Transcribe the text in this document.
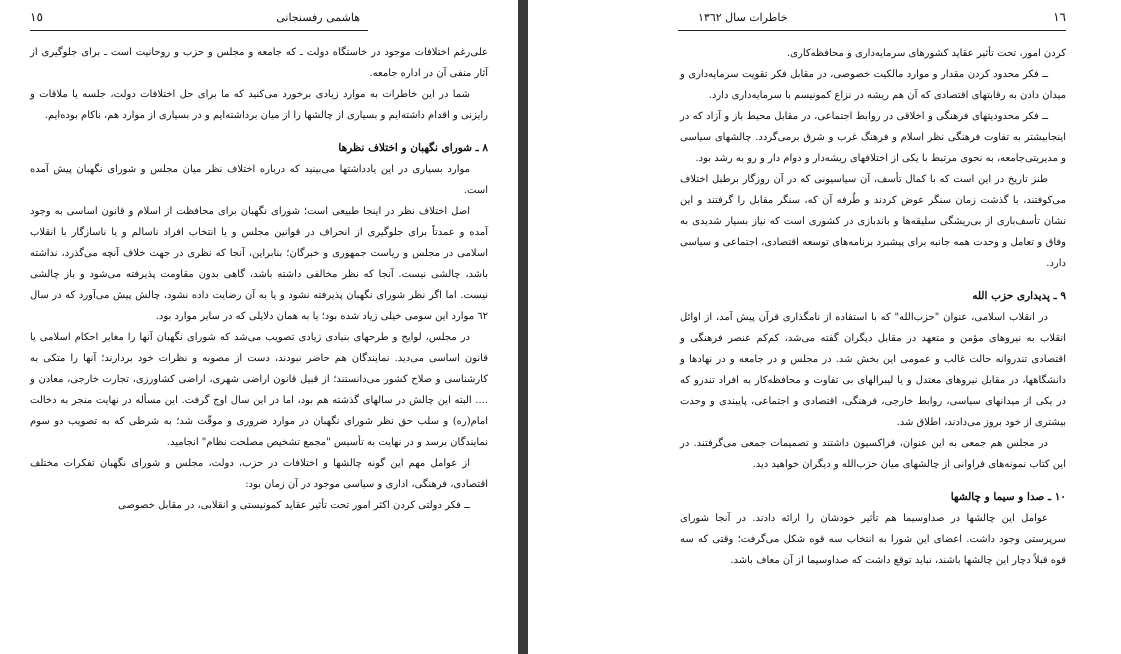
هاشمی رفسنجانی
١٥

علی‌رغم اختلافات موجود در خاستگاه دولت ـ که جامعه و مجلس و حزب و روحانیت است ـ برای جلوگیری از آثار منفی آن در اداره جامعه.

شما در این خاطرات به موارد زیادی برخورد می‌کنید که ما برای حل اختلافات دولت، جلسه یا ملاقات و رایزنی و اقدام داشته‌ایم و بسیاری از چالشها را از میان برداشته‌ایم و در بسیاری از موارد هم، ناکام بوده‌ایم.

۸ ـ شورای نگهبان و اختلاف نظرها

موارد بسیاری در این یادداشتها می‌بینید که درباره اختلاف نظر میان مجلس و شورای نگهبان پیش آمده است.

اصل اختلاف نظر در اینجا طبیعی است؛ شورای نگهبان برای محافظت از اسلام و قانون اساسی به وجود آمده و عمدتاً برای جلوگیری از انحراف در قوانین مجلس و یا انتخاب افراد ناسالم و یا ناسازگار با انقلاب اسلامی در مجلس و ریاست جمهوری و خبرگان؛ بنابراین، آنجا که نظری در جهت خلاف آنچه می‌گذرد، نداشته باشد، چالشی نیست. آنجا که نظر مخالفی داشته باشد، گاهی بدون مقاومت پذیرفته می‌شود و باز چالشی نیست. اما اگر نظر شورای نگهبان پذیرفته نشود و یا به آن رضایت داده نشود، چالش پیش می‌آورد که در سال ٦٢ موارد این سومی خیلی زیاد شده بود؛ یا به همان دلایلی که در سایر موارد بود.

در مجلس، لوایح و طرحهای بنیادی زیادی تصویب می‌شد که شورای نگهبان آنها را مغایر احکام اسلامی یا قانون اساسی می‌دید. نمایندگان هم حاضر نبودند، دست از مصوبه و نظرات خود بردارند؛ آنها را متکی به کارشناسی و صلاح کشور می‌دانستند؛ از قبیل قانون اراضی شهری، اراضی کشاورزی، تجارت خارجی، معادن و .... البته این چالش در سالهای گذشته هم بود، اما در این سال اوج گرفت. این مسأله در نهایت منجر به دخالت امام(ره) و سلب حق نظر شورای نگهبان در موارد ضروری و موقّت شد؛ به شرطی که به تصویب دو سوم نمایندگان برسد و در نهایت به تأسیس "مجمع تشخیص مصلحت نظام" انجامید.

از عوامل مهم این گونه چالشها و اختلافات در حزب، دولت، مجلس و شورای نگهبان تفکرات مختلف اقتصادی، فرهنگی، اداری و سیاسی موجود در آن زمان بود:

ــ فکر دولتی کردن اکثر امور تحت تأثیر عقاید کمونیستی و انقلابی، در مقابل خصوصی

خاطرات سال ١٣٦٢	١٦

کردن امور، تحت تأثیر عقاید کشورهای سرمایه‌داری و محافظه‌کاری.

ــ فکر محدود کردن مقدار و موارد مالکیت خصوصی، در مقابل فکر تقویت سرمایه‌داری و میدان دادن به رقابتهای اقتصادی که آن هم ریشه در نزاع کمونیسم با سرمایه‌داری دارد.

ــ فکر محدودیتهای فرهنگی و اخلاقی در روابط اجتماعی، در مقابل محیط باز و آزاد که در اینجابیشتر به تفاوت فرهنگی نظر اسلام و فرهنگ غرب و شرق برمی‌گردد. چالشهای سیاسی و مدیریتی‌جامعه، به نحوی مرتبط با یکی از اختلافهای ریشه‌دار و دوام دار و رو به رشد بود.

طنز تاریخ در این است که با کمال تأسف، آن سیاسیونی که در آن روزگار برطبل اختلاف می‌کوفتند، با گذشت زمان سنگر عوض کردند و طُرفه آن که، سنگر مقابل را گرفتند و این نشان تأسف‌باری از بی‌ریشگی سلیقه‌ها و باندبازی در کشوری است که نیاز بسیار شدیدی به وفاق و تعامل و وحدت همه جانبه برای پیشبرد برنامه‌های توسعه اقتصادی، اجتماعی و سیاسی دارد.

۹ ـ پدیداری حزب الله

در انقلاب اسلامی، عنوان "حزب‌الله" که با استفاده از نامگذاری قرآن پیش آمد، از اوائل انقلاب به نیروهای مؤمن و متعهد در مقابل دیگران گفته می‌شد، کم‌کم عنصر فرهنگی و اقتصادی تندروانه حالت غالب و عمومی این بخش شد. در مجلس و در جامعه و در نهادها و دانشگاهها، در مقابل نیروهای معتدل و یا لیبرالهای بی تفاوت و محافظه‌کار به افراد تندرو که در یکی از میدانهای سیاسی، روابط خارجی، فرهنگی، اقتصادی و اجتماعی، پایبندی و وحدت بیشتری از خود بروز می‌دادند، اطلاق شد.

در مجلس هم جمعی به این عنوان، فراکسیون داشتند و تصمیمات جمعی می‌گرفتند. در این کتاب نمونه‌های فراوانی از چالشهای میان حزب‌الله و دیگران خواهید دید.

۱۰ ـ صدا و سیما و چالشها

عوامل این چالشها در صداوسیما هم تأثیر خودشان را ارائه دادند. در آنجا شورای سرپرستی وجود داشت. اعضای این شورا به انتخاب سه قوه شکل می‌گرفت؛ وقتی که سه قوه قبلاً دچار این چالشها باشند، نباید توقع داشت که صداوسیما از آن معاف باشد.
